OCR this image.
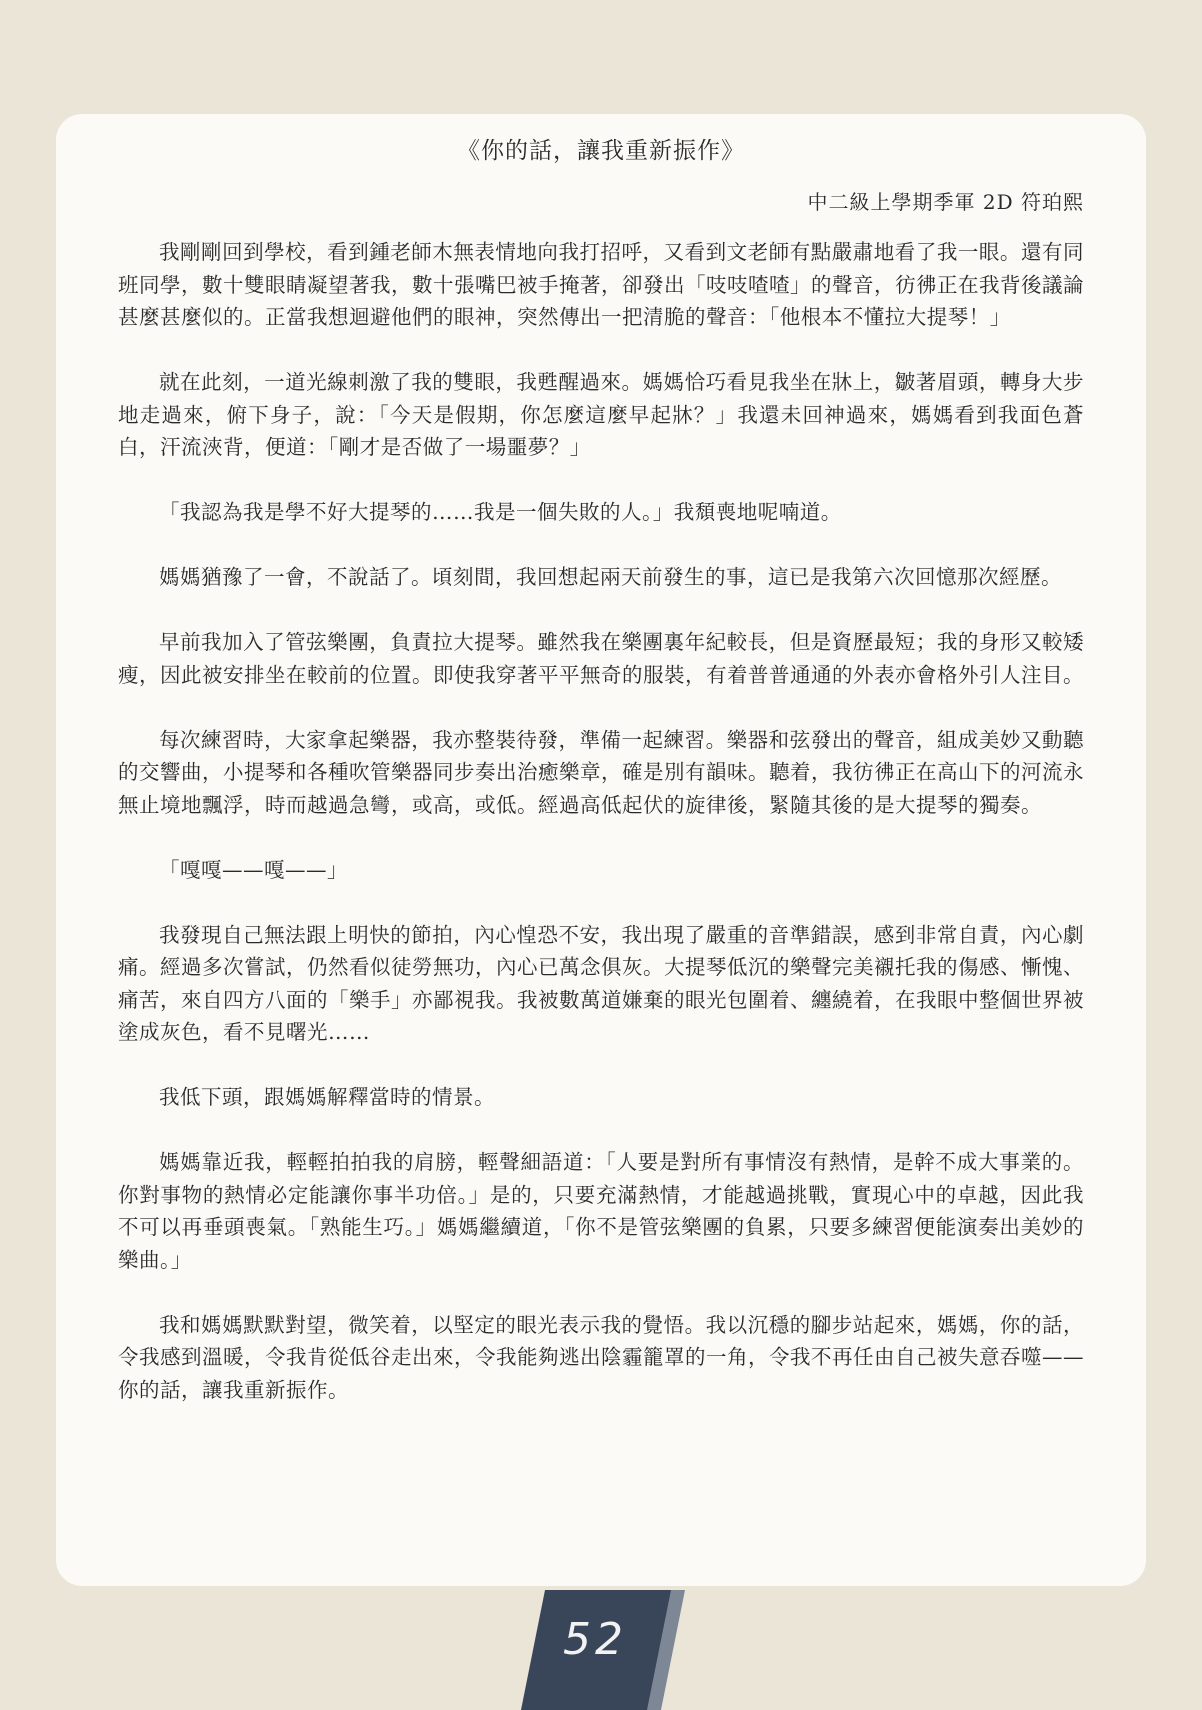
《你的話，讓我重新振作》
中二級上學期季軍 2D 符珀熙

我剛剛回到學校，看到鍾老師木無表情地向我打招呼，又看到文老師有點嚴肅地看了我一眼。還有同班同學，數十雙眼睛凝望著我，數十張嘴巴被手掩著，卻發出「吱吱喳喳」的聲音，彷彿正在我背後議論甚麼甚麼似的。正當我想迴避他們的眼神，突然傳出一把清脆的聲音：「他根本不懂拉大提琴！」

就在此刻，一道光線刺激了我的雙眼，我甦醒過來。媽媽恰巧看見我坐在牀上，皺著眉頭，轉身大步地走過來，俯下身子，說：「今天是假期，你怎麼這麼早起牀？」我還未回神過來，媽媽看到我面色蒼白，汗流浹背，便道：「剛才是否做了一場噩夢？」

「我認為我是學不好大提琴的……我是一個失敗的人。」我頹喪地呢喃道。

媽媽猶豫了一會，不說話了。頃刻間，我回想起兩天前發生的事，這已是我第六次回憶那次經歷。

早前我加入了管弦樂團，負責拉大提琴。雖然我在樂團裏年紀較長，但是資歷最短；我的身形又較矮瘦，因此被安排坐在較前的位置。即使我穿著平平無奇的服裝，有着普普通通的外表亦會格外引人注目。

每次練習時，大家拿起樂器，我亦整裝待發，準備一起練習。樂器和弦發出的聲音，組成美妙又動聽的交響曲，小提琴和各種吹管樂器同步奏出治癒樂章，確是別有韻味。聽着，我彷彿正在高山下的河流永無止境地飄浮，時而越過急彎，或高，或低。經過高低起伏的旋律後，緊隨其後的是大提琴的獨奏。

「嘎嘎——嘎——」

我發現自己無法跟上明快的節拍，內心惶恐不安，我出現了嚴重的音準錯誤，感到非常自責，內心劇痛。經過多次嘗試，仍然看似徒勞無功，內心已萬念俱灰。大提琴低沉的樂聲完美襯托我的傷感、慚愧、痛苦，來自四方八面的「樂手」亦鄙視我。我被數萬道嫌棄的眼光包圍着、纏繞着，在我眼中整個世界被塗成灰色，看不見曙光……

我低下頭，跟媽媽解釋當時的情景。

媽媽靠近我，輕輕拍拍我的肩膀，輕聲細語道：「人要是對所有事情沒有熱情，是幹不成大事業的。你對事物的熱情必定能讓你事半功倍。」是的，只要充滿熱情，才能越過挑戰，實現心中的卓越，因此我不可以再垂頭喪氣。「熟能生巧。」媽媽繼續道，「你不是管弦樂團的負累，只要多練習便能演奏出美妙的樂曲。」

我和媽媽默默對望，微笑着，以堅定的眼光表示我的覺悟。我以沉穩的腳步站起來，媽媽，你的話，令我感到溫暖，令我肯從低谷走出來，令我能夠逃出陰霾籠罩的一角，令我不再任由自己被失意吞噬——你的話，讓我重新振作。

52
